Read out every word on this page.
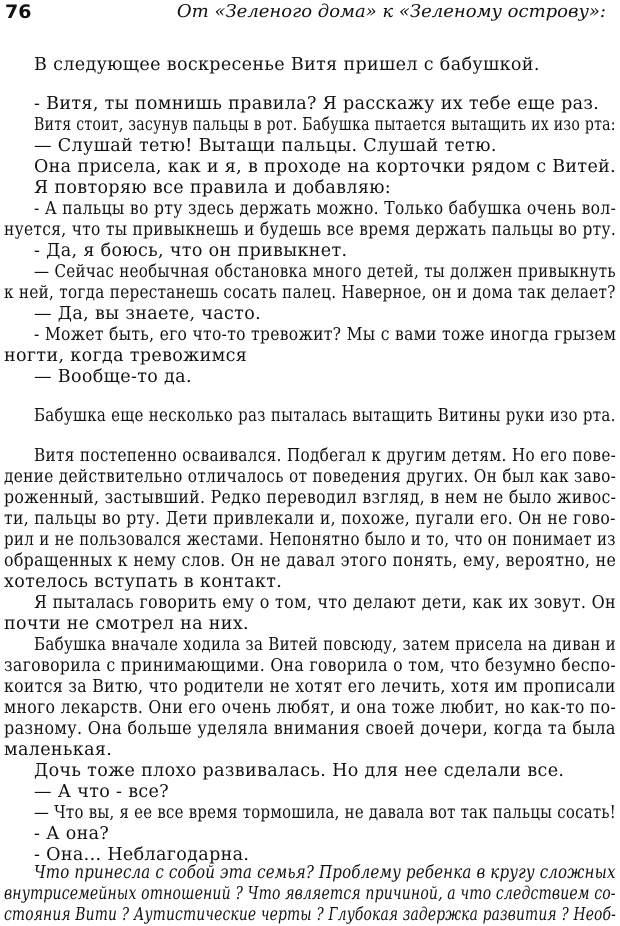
76	От «Зеленого дома» к «Зеленому острову»:
В следующее воскресенье Витя пришел с бабушкой.
- Витя, ты помнишь правила? Я расскажу их тебе еще раз.
Витя стоит, засунув пальцы в рот. Бабушка пытается вытащить их изо рта:
— Слушай тетю! Вытащи пальцы. Слушай тетю.
Она присела, как и я, в проходе на корточки рядом с Витей.
Я повторяю все правила и добавляю:
- А пальцы во рту здесь держать можно. Только бабушка очень вол-
нуется, что ты привыкнешь и будешь все время держать пальцы во рту.
- Да, я боюсь, что он привыкнет.
— Сейчас необычная обстановка много детей, ты должен привыкнуть
к ней, тогда перестанешь сосать палец. Наверное, он и дома так делает?
— Да, вы знаете, часто.
- Может быть, его что-то тревожит? Мы с вами тоже иногда грызем
ногти, когда тревожимся
— Вообще-то да.
Бабушка еще несколько раз пыталась вытащить Витины руки изо рта.
Витя постепенно осваивался. Подбегал к другим детям. Но его пове-
дение действительно отличалось от поведения других. Он был как заво-
роженный, застывший. Редко переводил взгляд, в нем не было живос-
ти, пальцы во рту. Дети привлекали и, похоже, пугали его. Он не гово-
рил и не пользовался жестами. Непонятно было и то, что он понимает из
обращенных к нему слов. Он не давал этого понять, ему, вероятно, не
хотелось вступать в контакт.
Я пыталась говорить ему о том, что делают дети, как их зовут. Он
почти не смотрел на них.
Бабушка вначале ходила за Витей повсюду, затем присела на диван и
заговорила с принимающими. Она говорила о том, что безумно беспо-
коится за Витю, что родители не хотят его лечить, хотя им прописали
много лекарств. Они его очень любят, и она тоже любит, но как-то по-
разному. Она больше уделяла внимания своей дочери, когда та была
маленькая.
Дочь тоже плохо развивалась. Но для нее сделали все.
— А что - все?
— Что вы, я ее все время тормошила, не давала вот так пальцы сосать!
- А она?
- Она... Неблагодарна.
Что принесла с собой эта семья? Проблему ребенка в кругу сложных
внутрисемейных отношений ? Что является причиной, а что следствием со-
стояния Вити ? Аутистические черты ? Глубокая задержка развития ? Необ-
